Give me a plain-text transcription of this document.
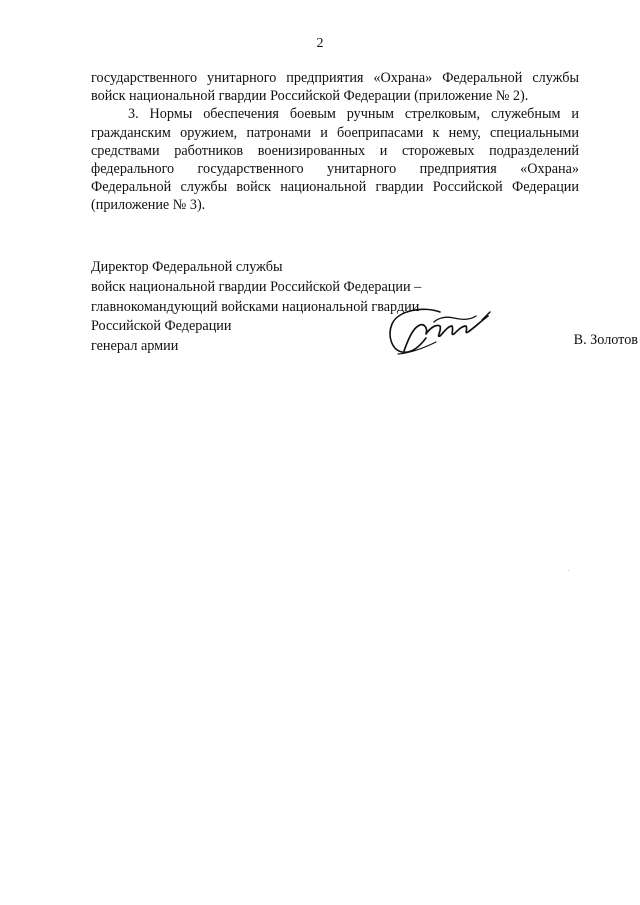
2

государственного унитарного предприятия «Охрана» Федеральной службы войск национальной гвардии Российской Федерации (приложение № 2).

3. Нормы обеспечения боевым ручным стрелковым, служебным и гражданским оружием, патронами и боеприпасами к нему, специальными средствами работников военизированных и сторожевых подразделений федерального государственного унитарного предприятия «Охрана» Федеральной службы войск национальной гвардии Российской Федерации (приложение № 3).

Директор Федеральной службы
войск национальной гвардии Российской Федерации –
главнокомандующий войсками национальной гвардии
Российской Федерации
генерал армии	В. Золотов
